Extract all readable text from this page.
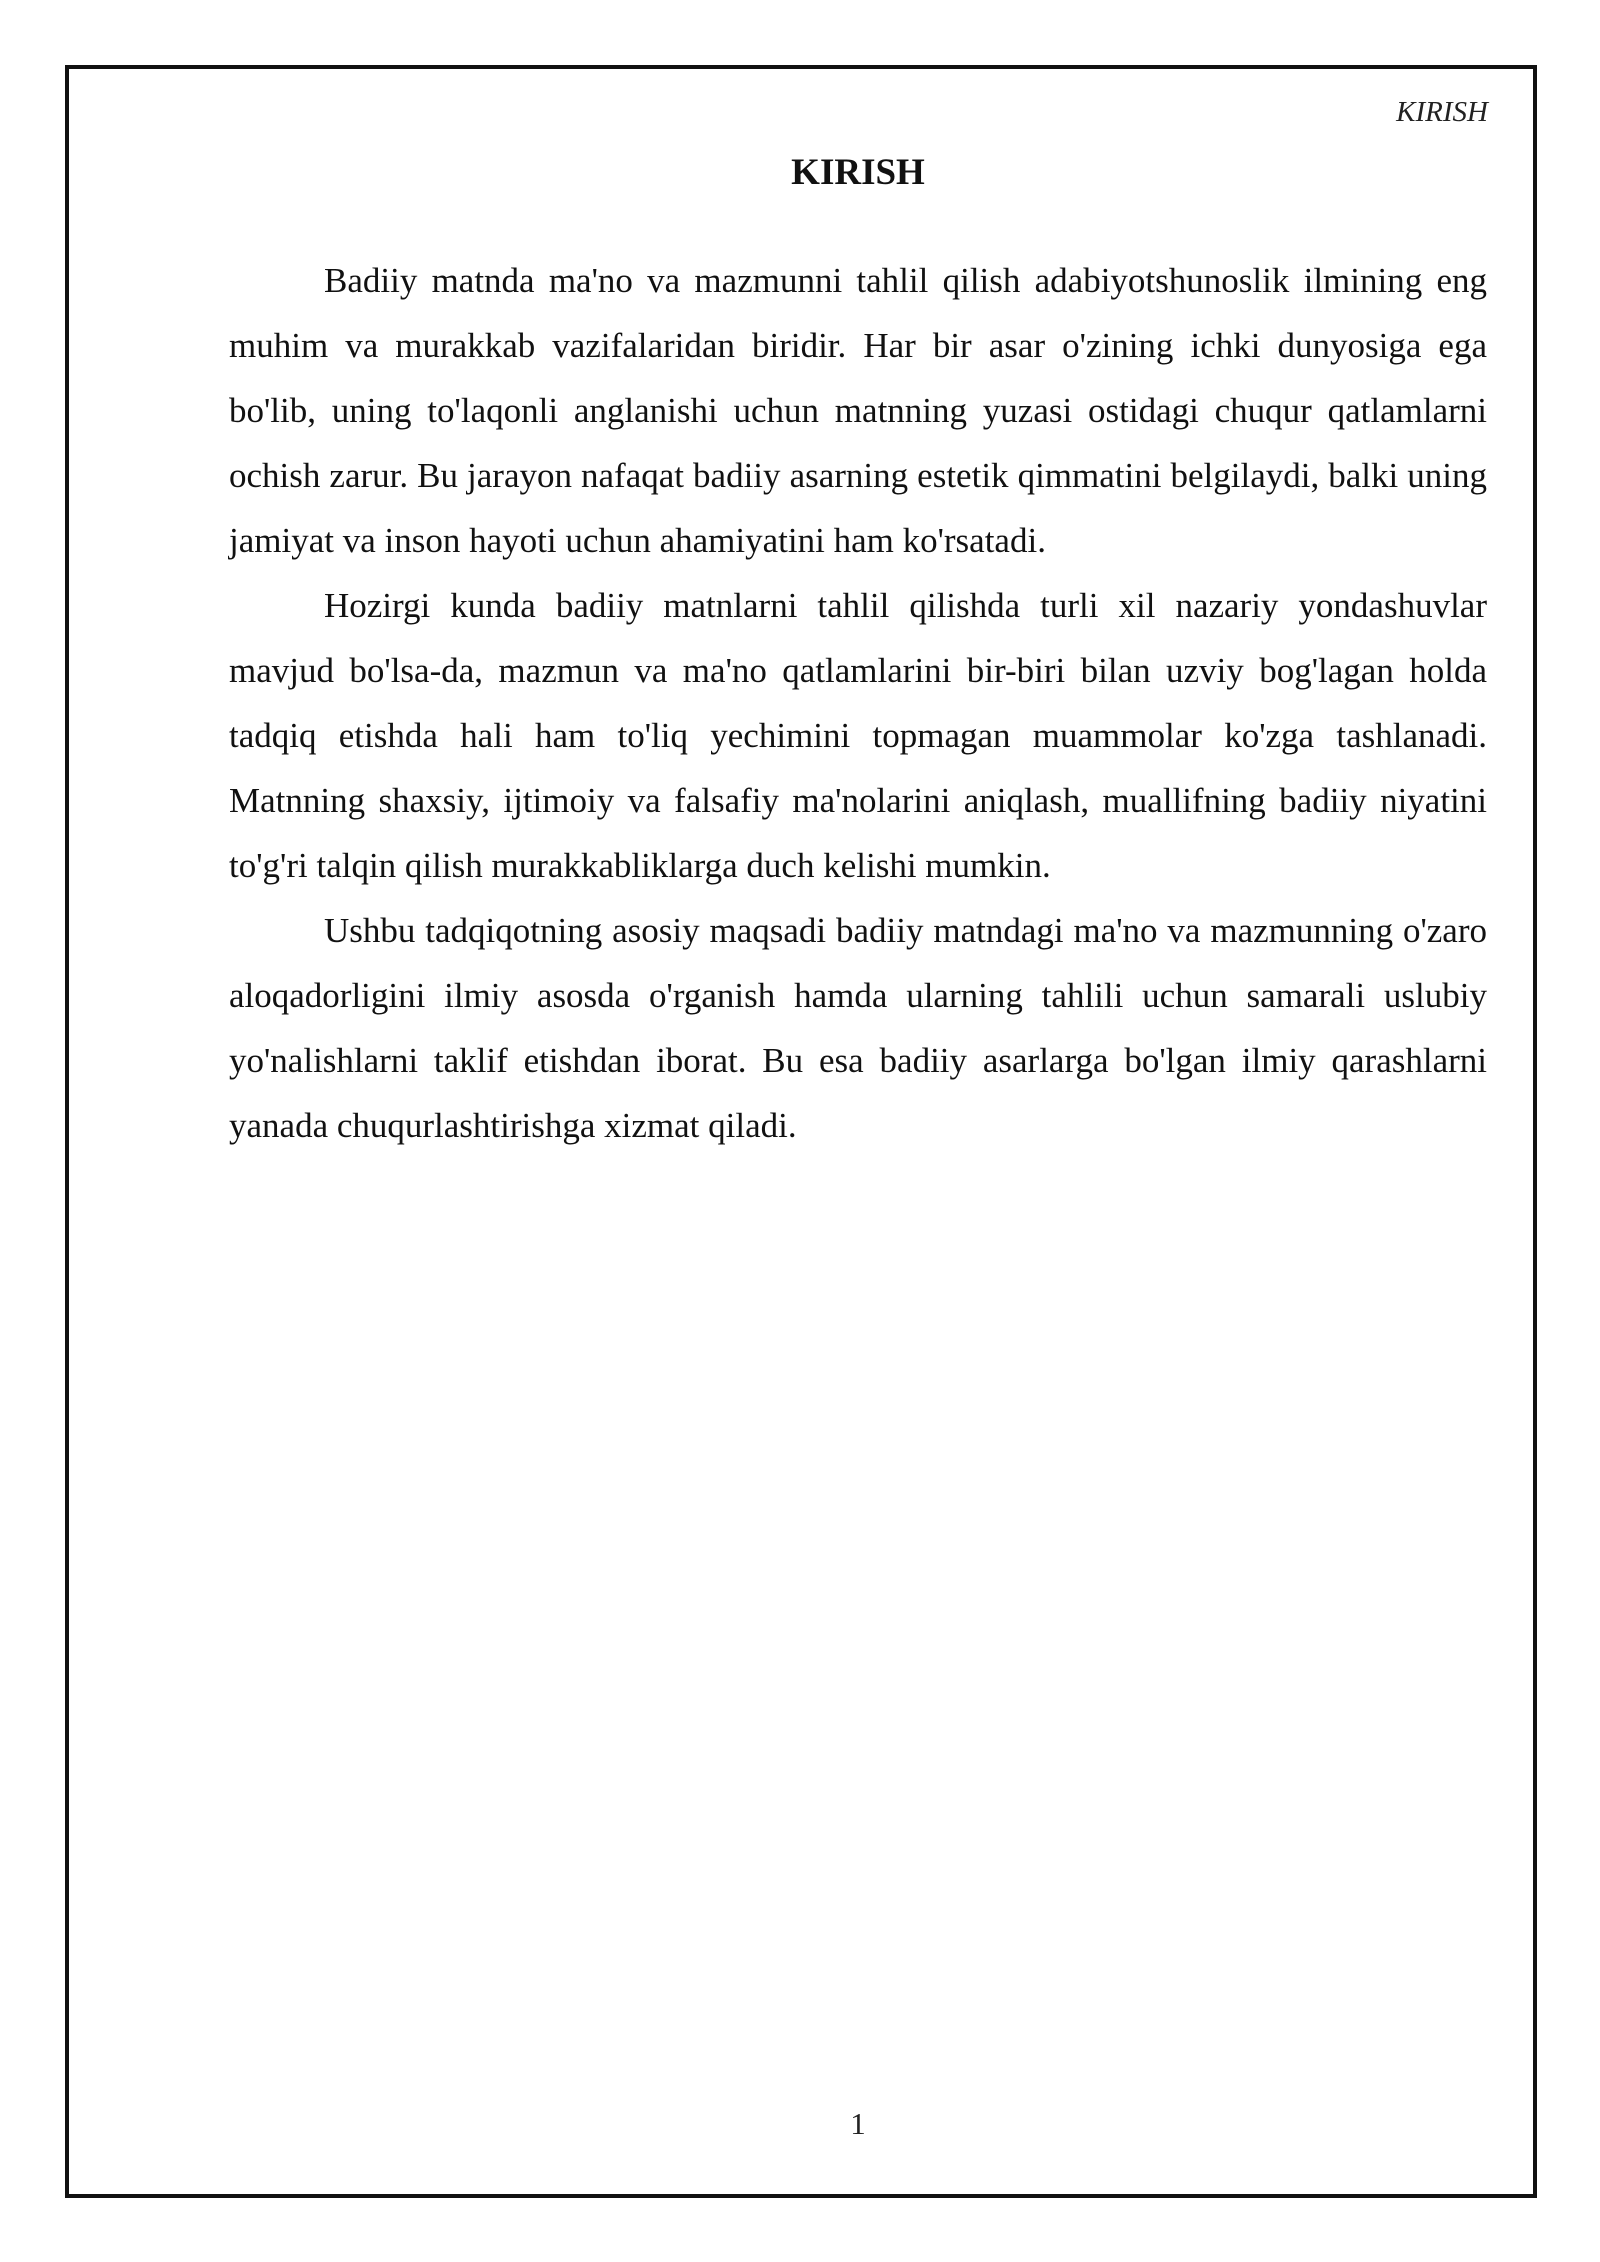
KIRISH
KIRISH

Badiiy matnda ma'no va mazmunni tahlil qilish adabiyotshunoslik ilmining eng muhim va murakkab vazifalaridan biridir. Har bir asar o'zining ichki dunyosiga ega bo'lib, uning to'laqonli anglanishi uchun matnning yuzasi ostidagi chuqur qatlamlarni ochish zarur. Bu jarayon nafaqat badiiy asarning estetik qimmatini belgilaydi, balki uning jamiyat va inson hayoti uchun ahamiyatini ham ko'rsatadi.

Hozirgi kunda badiiy matnlarni tahlil qilishda turli xil nazariy yondashuvlar mavjud bo'lsa-da, mazmun va ma'no qatlamlarini bir-biri bilan uzviy bog'lagan holda tadqiq etishda hali ham to'liq yechimini topmagan muammolar ko'zga tashlanadi. Matnning shaxsiy, ijtimoiy va falsafiy ma'nolarini aniqlash, muallifning badiiy niyatini to'g'ri talqin qilish murakkabliklarga duch kelishi mumkin.

Ushbu tadqiqotning asosiy maqsadi badiiy matndagi ma'no va mazmunning o'zaro aloqadorligini ilmiy asosda o'rganish hamda ularning tahlili uchun samarali uslubiy yo'nalishlarni taklif etishdan iborat. Bu esa badiiy asarlarga bo'lgan ilmiy qarashlarni yanada chuqurlashtirishga xizmat qiladi.

1
